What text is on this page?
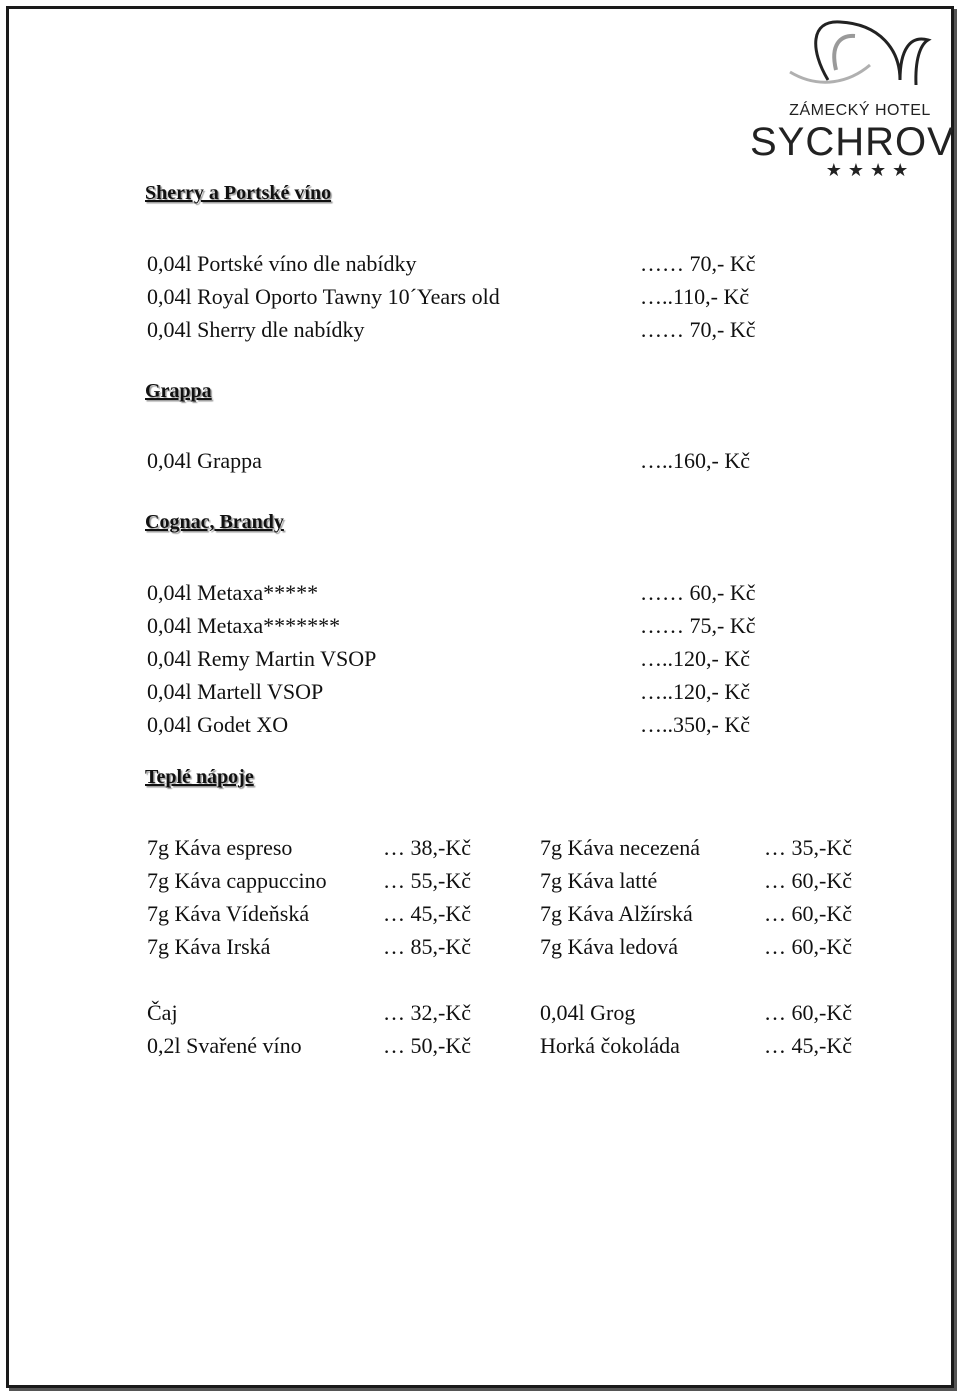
ZÁMECKÝ HOTEL
SYCHROV
★★★★
Sherry a Portské víno
0,04l Portské víno dle nabídky	…… 70,- Kč
0,04l Royal Oporto Tawny 10´Years old	…..110,- Kč
0,04l Sherry dle nabídky	…… 70,- Kč
Grappa
0,04l Grappa	…..160,- Kč
Cognac, Brandy
0,04l Metaxa*****	…… 60,- Kč
0,04l Metaxa*******	…… 75,- Kč
0,04l Remy Martin VSOP	…..120,- Kč
0,04l Martell VSOP	…..120,- Kč
0,04l Godet XO	…..350,- Kč
Teplé nápoje
7g Káva espreso	… 38,-Kč	7g Káva necezená	… 35,-Kč
7g Káva cappuccino	… 55,-Kč	7g Káva latté	… 60,-Kč
7g Káva Vídeňská	… 45,-Kč	7g Káva Alžírská	… 60,-Kč
7g Káva Irská	… 85,-Kč	7g Káva ledová	… 60,-Kč
Čaj	… 32,-Kč	0,04l Grog	… 60,-Kč
0,2l Svařené víno	… 50,-Kč	Horká čokoláda	… 45,-Kč
